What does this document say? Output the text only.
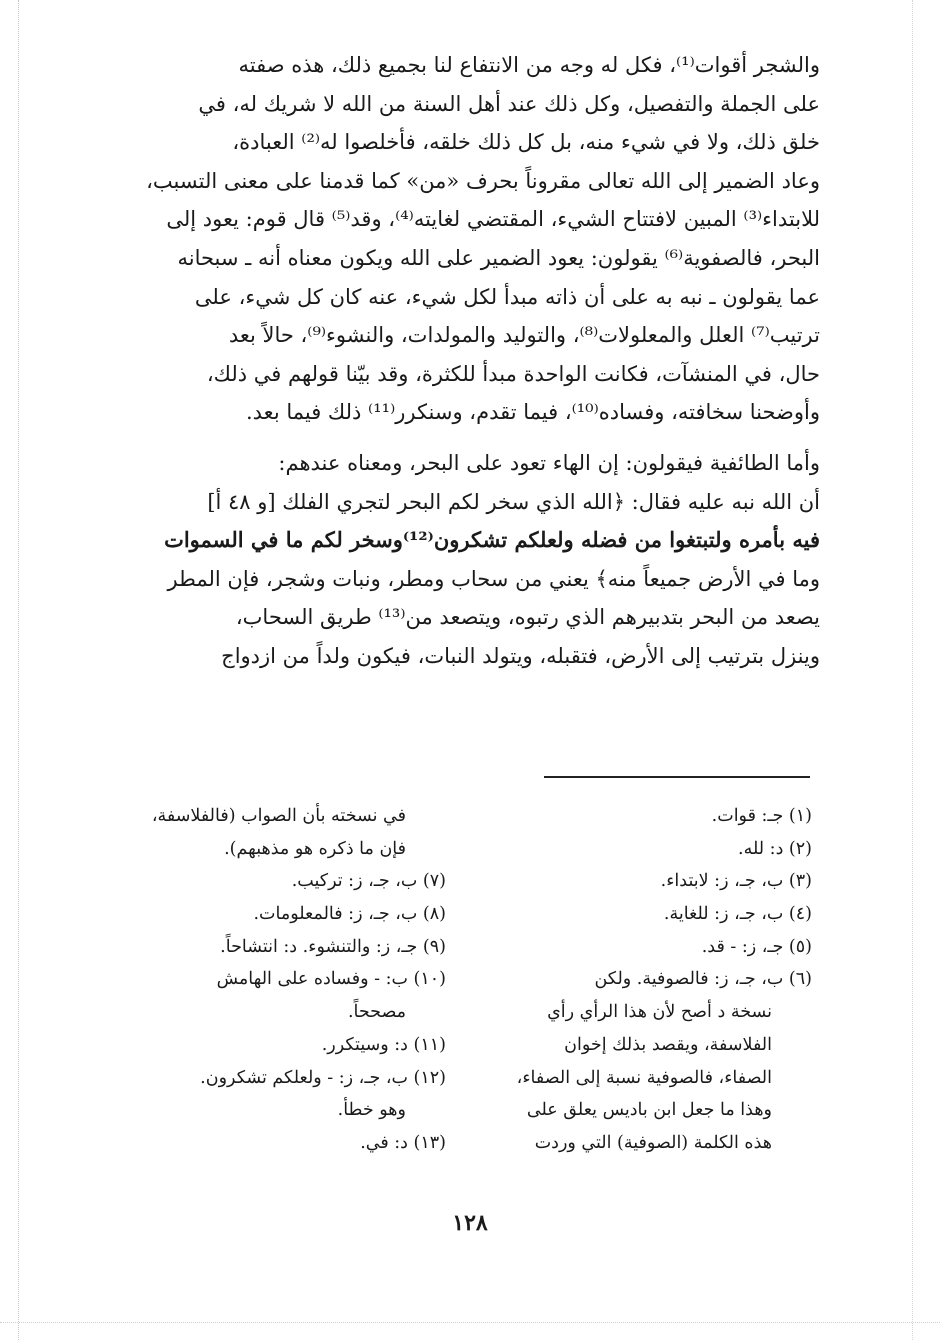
والشجر أقوات⁽¹⁾، فكل له وجه من الانتفاع لنا بجميع ذلك، هذه صفته
على الجملة والتفصيل، وكل ذلك عند أهل السنة من الله لا شريك له، في
خلق ذلك، ولا في شيء منه، بل كل ذلك خلقه، فأخلصوا له⁽²⁾ العبادة،
وعاد الضمير إلى الله تعالى مقروناً بحرف «من» كما قدمنا على معنى التسبب،
للابتداء⁽³⁾ المبين لافتتاح الشيء، المقتضي لغايته⁽⁴⁾، وقد⁽⁵⁾ قال قوم: يعود إلى
البحر، فالصفوية⁽⁶⁾ يقولون: يعود الضمير على الله ويكون معناه أنه ـ سبحانه
عما يقولون ـ نبه به على أن ذاته مبدأ لكل شيء، عنه كان كل شيء، على
ترتيب⁽⁷⁾ العلل والمعلولات⁽⁸⁾، والتوليد والمولدات، والنشوء⁽⁹⁾، حالاً بعد
حال، في المنشآت، فكانت الواحدة مبدأ للكثرة، وقد بيّنا قولهم في ذلك،
وأوضحنا سخافته، وفساده⁽¹⁰⁾، فيما تقدم، وسنكرر⁽¹¹⁾ ذلك فيما بعد.
وأما الطائفية فيقولون: إن الهاء تعود على البحر، ومعناه عندهم:
أن الله نبه عليه فقال: ﴿الله الذي سخر لكم البحر لتجري الفلك [و ٤٨ أ]
فيه بأمره ولتبتغوا من فضله ولعلكم تشكرون⁽¹²⁾وسخر لكم ما في السموات
وما في الأرض جميعاً منه﴾ يعني من سحاب ومطر، ونبات وشجر، فإن المطر
يصعد من البحر بتدبيرهم الذي رتبوه، ويتصعد من⁽¹³⁾ طريق السحاب،
وينزل بترتيب إلى الأرض، فتقبله، ويتولد النبات، فيكون ولداً من ازدواج
(١) جـ: قوات.
(٢) د: لله.
(٣) ب، جـ، ز: لابتداء.
(٤) ب، جـ، ز: للغاية.
(٥) جـ، ز: - قد.
(٦) ب، جـ، ز: فالصوفية. ولكن
نسخة د أصح لأن هذا الرأي رأي
الفلاسفة، ويقصد بذلك إخوان
الصفاء، فالصوفية نسبة إلى الصفاء،
وهذا ما جعل ابن باديس يعلق على
هذه الكلمة (الصوفية) التي وردت
في نسخته بأن الصواب (فالفلاسفة،
فإن ما ذكره هو مذهبهم).
(٧) ب، جـ، ز: تركيب.
(٨) ب، جـ، ز: فالمعلومات.
(٩) جـ، ز: والتنشوء. د: انتشاحاً.
(١٠) ب: - وفساده على الهامش
مصححاً.
(١١) د: وسيتكرر.
(١٢) ب، جـ، ز: - ولعلكم تشكرون.
وهو خطأ.
(١٣) د: في.
١٢٨
